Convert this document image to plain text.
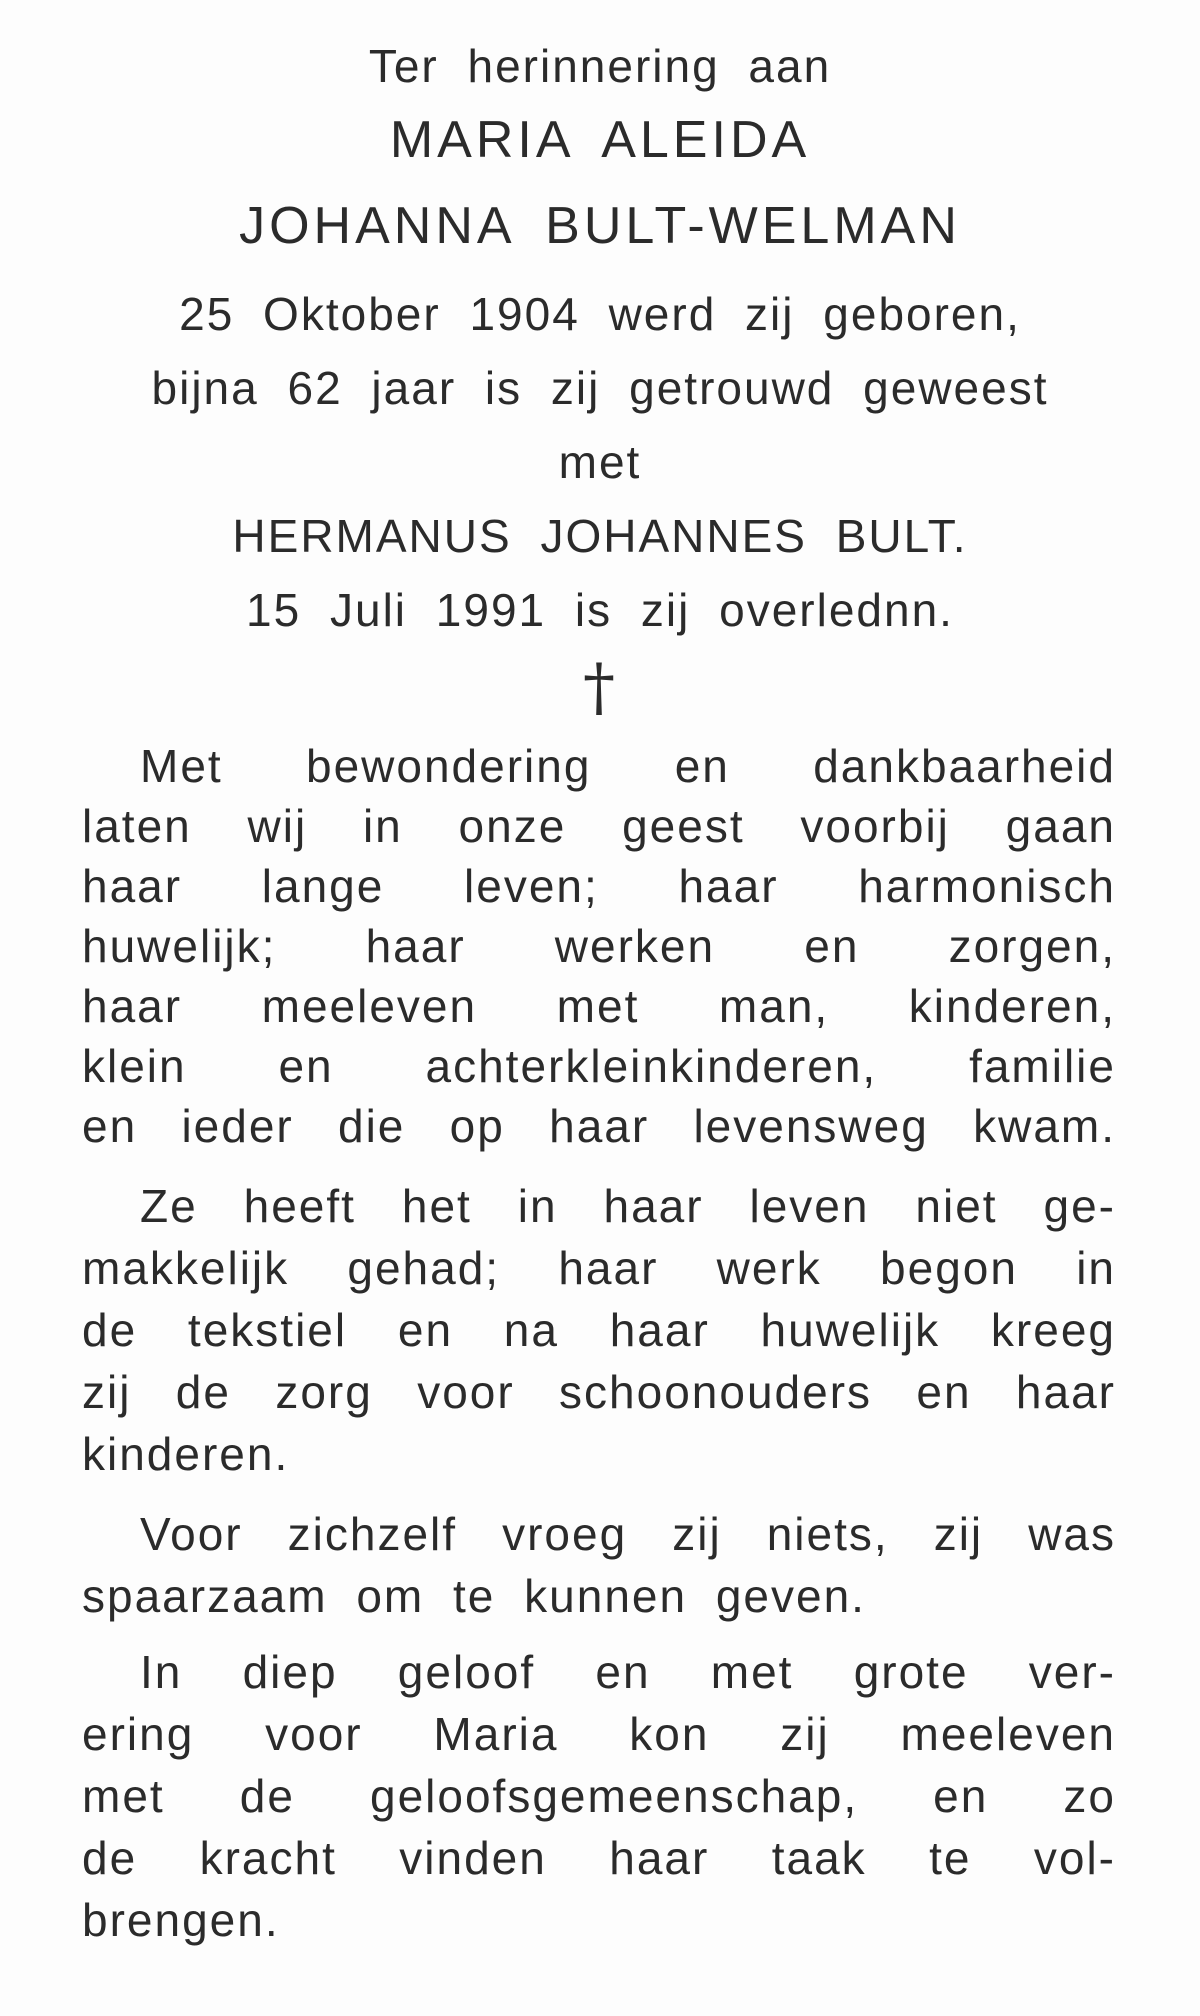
Ter herinnering aan
MARIA ALEIDA
JOHANNA BULT-WELMAN
25 Oktober 1904 werd zij geboren,
bijna 62 jaar is zij getrouwd geweest
met
HERMANUS JOHANNES BULT.
15 Juli 1991 is zij overlednn.
†
Met bewondering en dankbaarheid
laten wij in onze geest voorbij gaan
haar lange leven; haar harmonisch
huwelijk; haar werken en zorgen,
haar meeleven met man, kinderen,
klein en achterkleinkinderen, familie
en ieder die op haar levensweg kwam.
Ze heeft het in haar leven niet ge-
makkelijk gehad; haar werk begon in
de tekstiel en na haar huwelijk kreeg
zij de zorg voor schoonouders en haar
kinderen.
Voor zichzelf vroeg zij niets, zij was
spaarzaam om te kunnen geven.
In diep geloof en met grote ver-
ering voor Maria kon zij meeleven
met de geloofsgemeenschap, en zo
de kracht vinden haar taak te vol-
brengen.
